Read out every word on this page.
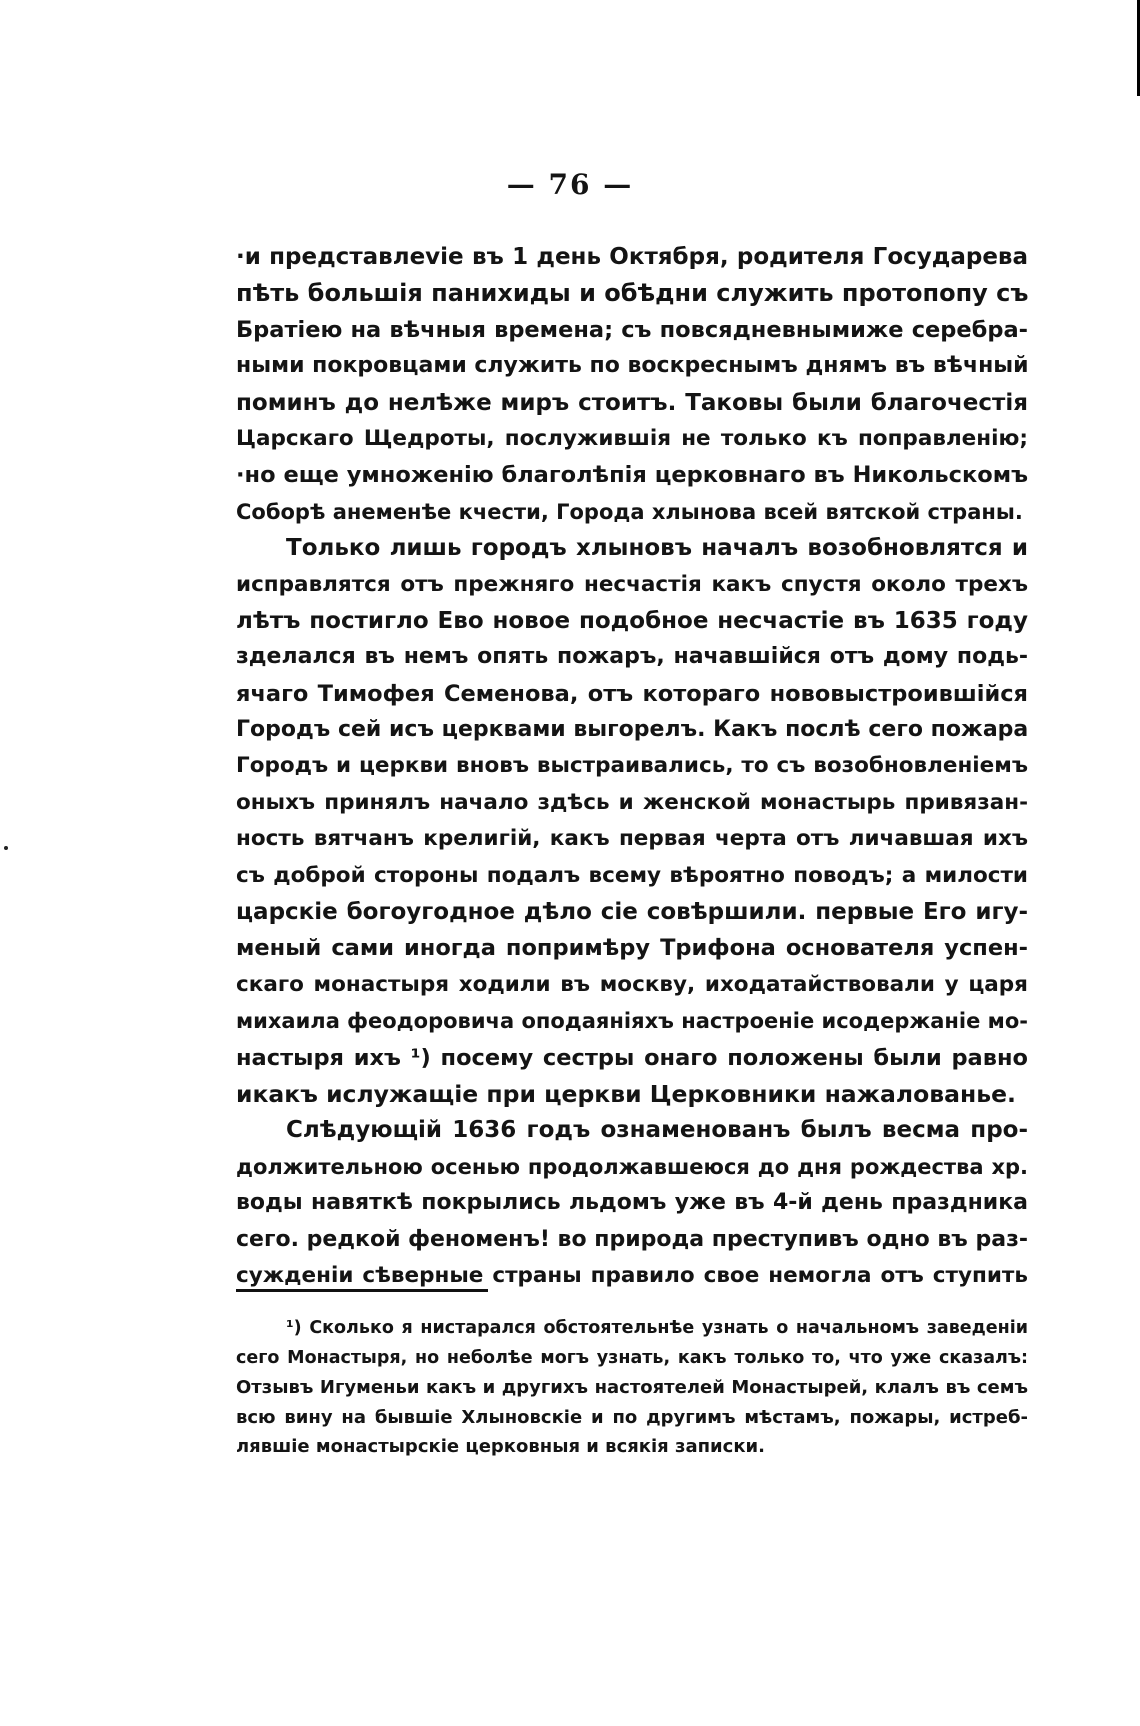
— 76 —
·и представлеvіе въ 1 день Октября, родителя Государева
пѣть большія панихиды и обѣдни служить протопопу съ
Братіею на вѣчныя времена; съ повсядневнымиже серебра-
ными покровцами служить по воскреснымъ днямъ въ вѣчный
поминъ до нелѣже миръ стоитъ. Таковы были благочестія
Царскаго Щедроты, послужившія не только къ поправленію;
·но еще умноженію благолѣпія церковнаго въ Никольскомъ
Соборѣ анеменѣе кчести, Города хлынова всей вятской страны.
Только лишь городъ хлыновъ началъ возобновлятся и
исправлятся отъ прежняго несчастія какъ спустя около трехъ
лѣтъ постигло Ево новое подобное несчастіе въ 1635 году
зделался въ немъ опять пожаръ, начавшійся отъ дому подь-
ячаго Тимофея Семенова, отъ котораго нововыстроившійся
Городъ сей исъ церквами выгорелъ. Какъ послѣ сего пожара
Городъ и церкви вновъ выстраивались, то съ возобновленіемъ
оныхъ принялъ начало здѣсь и женской монастырь привязан-
ность вятчанъ крелигій, какъ первая черта отъ личавшая ихъ
съ доброй стороны подалъ всему вѣроятно поводъ; а милости
царскіе богоугодное дѣло сіе совѣршили. первые Его игу-
меный сами иногда попримѣру Трифона основателя успен-
скаго монастыря ходили въ москву, иходатайствовали у царя
михаила феодоровича оподаяніяхъ настроеніе исодержаніе мо-
настыря ихъ ¹) посему сестры онаго положены были равно
икакъ ислужащіе при церкви Церковники нажалованье.
Слѣдующій 1636 годъ ознаменованъ былъ весма про-
должительною осенью продолжавшеюся до дня рождества хр.
воды навяткѣ покрылись льдомъ уже въ 4-й день праздника
сего. редкой феноменъ! во природа преступивъ одно въ раз-
сужденіи сѣверные страны правило свое немогла отъ ступить
¹) Сколько я нистарался обстоятельнѣе узнать о начальномъ заведеніи
сего Монастыря, но неболѣе могъ узнать, какъ только то, что уже сказалъ:
Отзывъ Игуменьи какъ и другихъ настоятелей Монастырей, клалъ въ семъ
всю вину на бывшіе Хлыновскіе и по другимъ мѣстамъ, пожары, истреб-
лявшіе монастырскіе церковныя и всякія записки.
